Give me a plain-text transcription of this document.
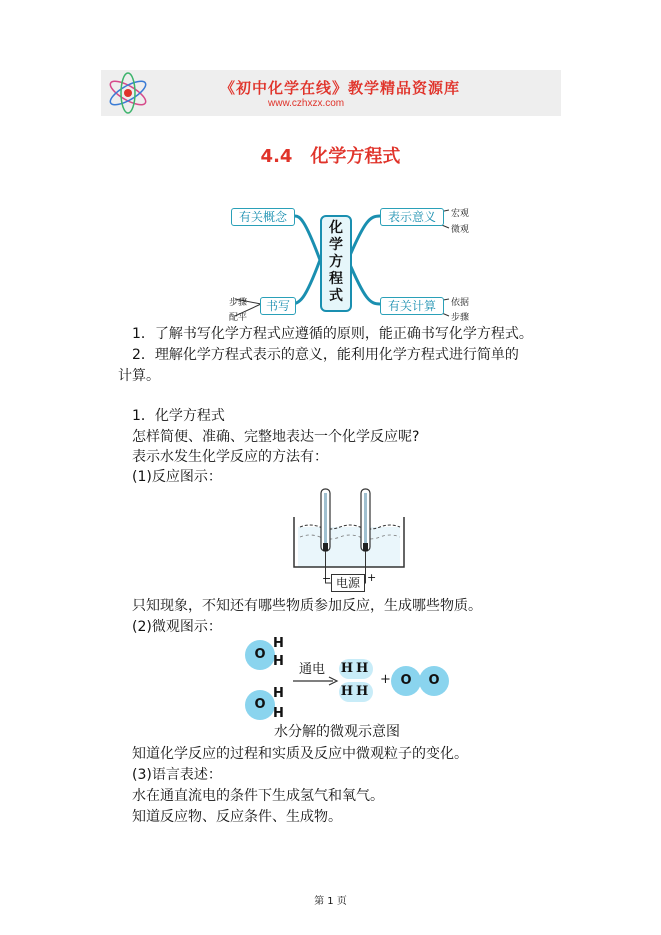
《初中化学在线》教学精品资源库
www.czhxzx.com
4.4　化学方程式
有关概念	表示意义
书写	有关计算
化
学
方
程
式
宏观
微观
步骤
配平
依据
步骤
1．了解书写化学方程式应遵循的原则，能正确书写化学方程式。
2．理解化学方程式表示的意义，能利用化学方程式进行简单的
计算。
1．化学方程式
怎样简便、准确、完整地表达一个化学反应呢?
表示水发生化学反应的方法有：
(1)反应图示：
电源
−	+
只知现象，不知还有哪些物质参加反应，生成哪些物质。
(2)微观图示：
O
H
H
O
H
H
通电 HH
HH
+ O	O
水分解的微观示意图
知道化学反应的过程和实质及反应中微观粒子的变化。
(3)语言表述：
水在通直流电的条件下生成氢气和氧气。
知道反应物、反应条件、生成物。
第 1 页
